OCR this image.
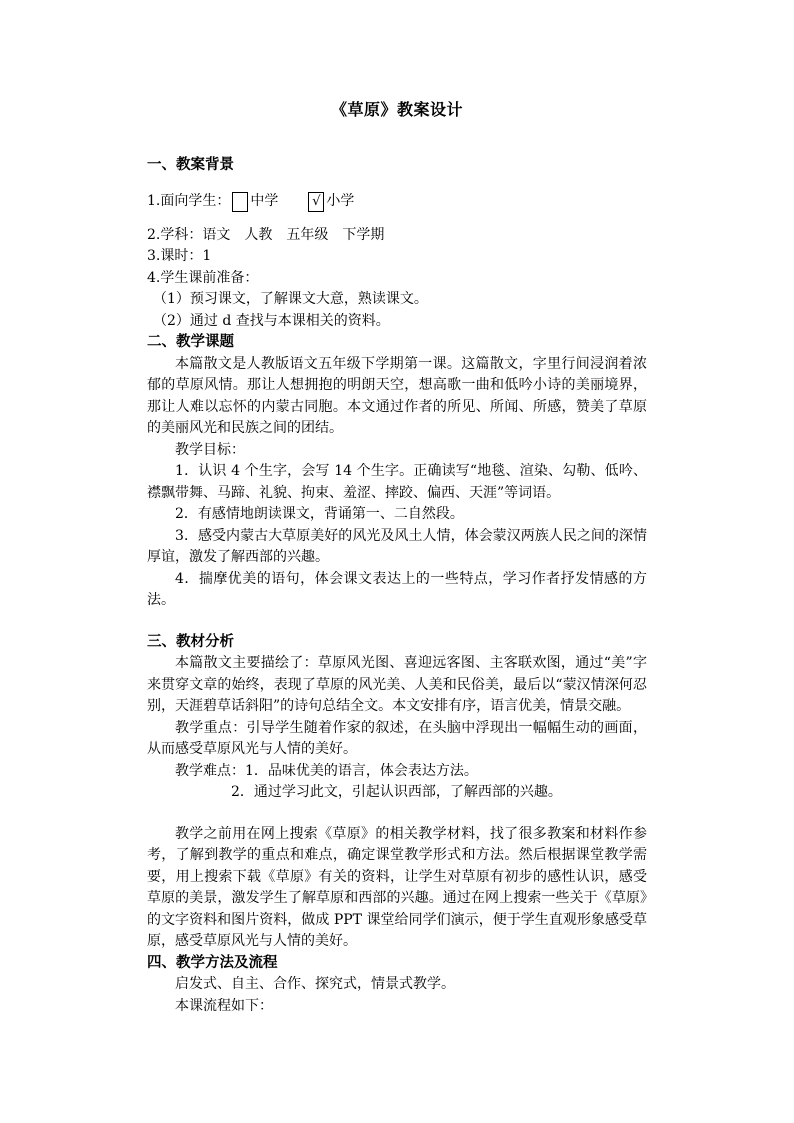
《草原》教案设计
一、教案背景
1.面向学生： 中学	√ 小学

2.学科：语文　人教　五年级　下学期

3.课时：1

4.学生课前准备：

（1）预习课文，了解课文大意，熟读课文。

（2）通过 d 查找与本课相关的资料。

二、教学课题

本篇散文是人教版语文五年级下学期第一课。这篇散文，字里行间浸润着浓郁的草原风情。那让人想拥抱的明朗天空，想高歌一曲和低吟小诗的美丽境界，那让人难以忘怀的内蒙古同胞。本文通过作者的所见、所闻、所感，赞美了草原的美丽风光和民族之间的团结。

教学目标：

1．认识 4 个生字，会写 14 个生字。正确读写“地毯、渲染、勾勒、低吟、襟飘带舞、马蹄、礼貌、拘束、羞涩、摔跤、偏西、天涯”等词语。

2．有感情地朗读课文，背诵第一、二自然段。

3．感受内蒙古大草原美好的风光及风土人情，体会蒙汉两族人民之间的深情厚谊，激发了解西部的兴趣。

4．揣摩优美的语句，体会课文表达上的一些特点，学习作者抒发情感的方法。

三、教材分析

本篇散文主要描绘了：草原风光图、喜迎远客图、主客联欢图，通过“美”字来贯穿文章的始终，表现了草原的风光美、人美和民俗美，最后以“蒙汉情深何忍别，天涯碧草话斜阳”的诗句总结全文。本文安排有序，语言优美，情景交融。

教学重点：引导学生随着作家的叙述，在头脑中浮现出一幅幅生动的画面，从而感受草原风光与人情的美好。

教学难点：1．品味优美的语言，体会表达方法。

2．通过学习此文，引起认识西部，了解西部的兴趣。

教学之前用在网上搜索《草原》的相关教学材料，找了很多教案和材料作参考，了解到教学的重点和难点，确定课堂教学形式和方法。然后根据课堂教学需要，用上搜索下载《草原》有关的资料，让学生对草原有初步的感性认识，感受草原的美景，激发学生了解草原和西部的兴趣。通过在网上搜索一些关于《草原》的文字资料和图片资料，做成 PPT 课堂给同学们演示，便于学生直观形象感受草原，感受草原风光与人情的美好。

四、教学方法及流程

启发式、自主、合作、探究式，情景式教学。

本课流程如下：
